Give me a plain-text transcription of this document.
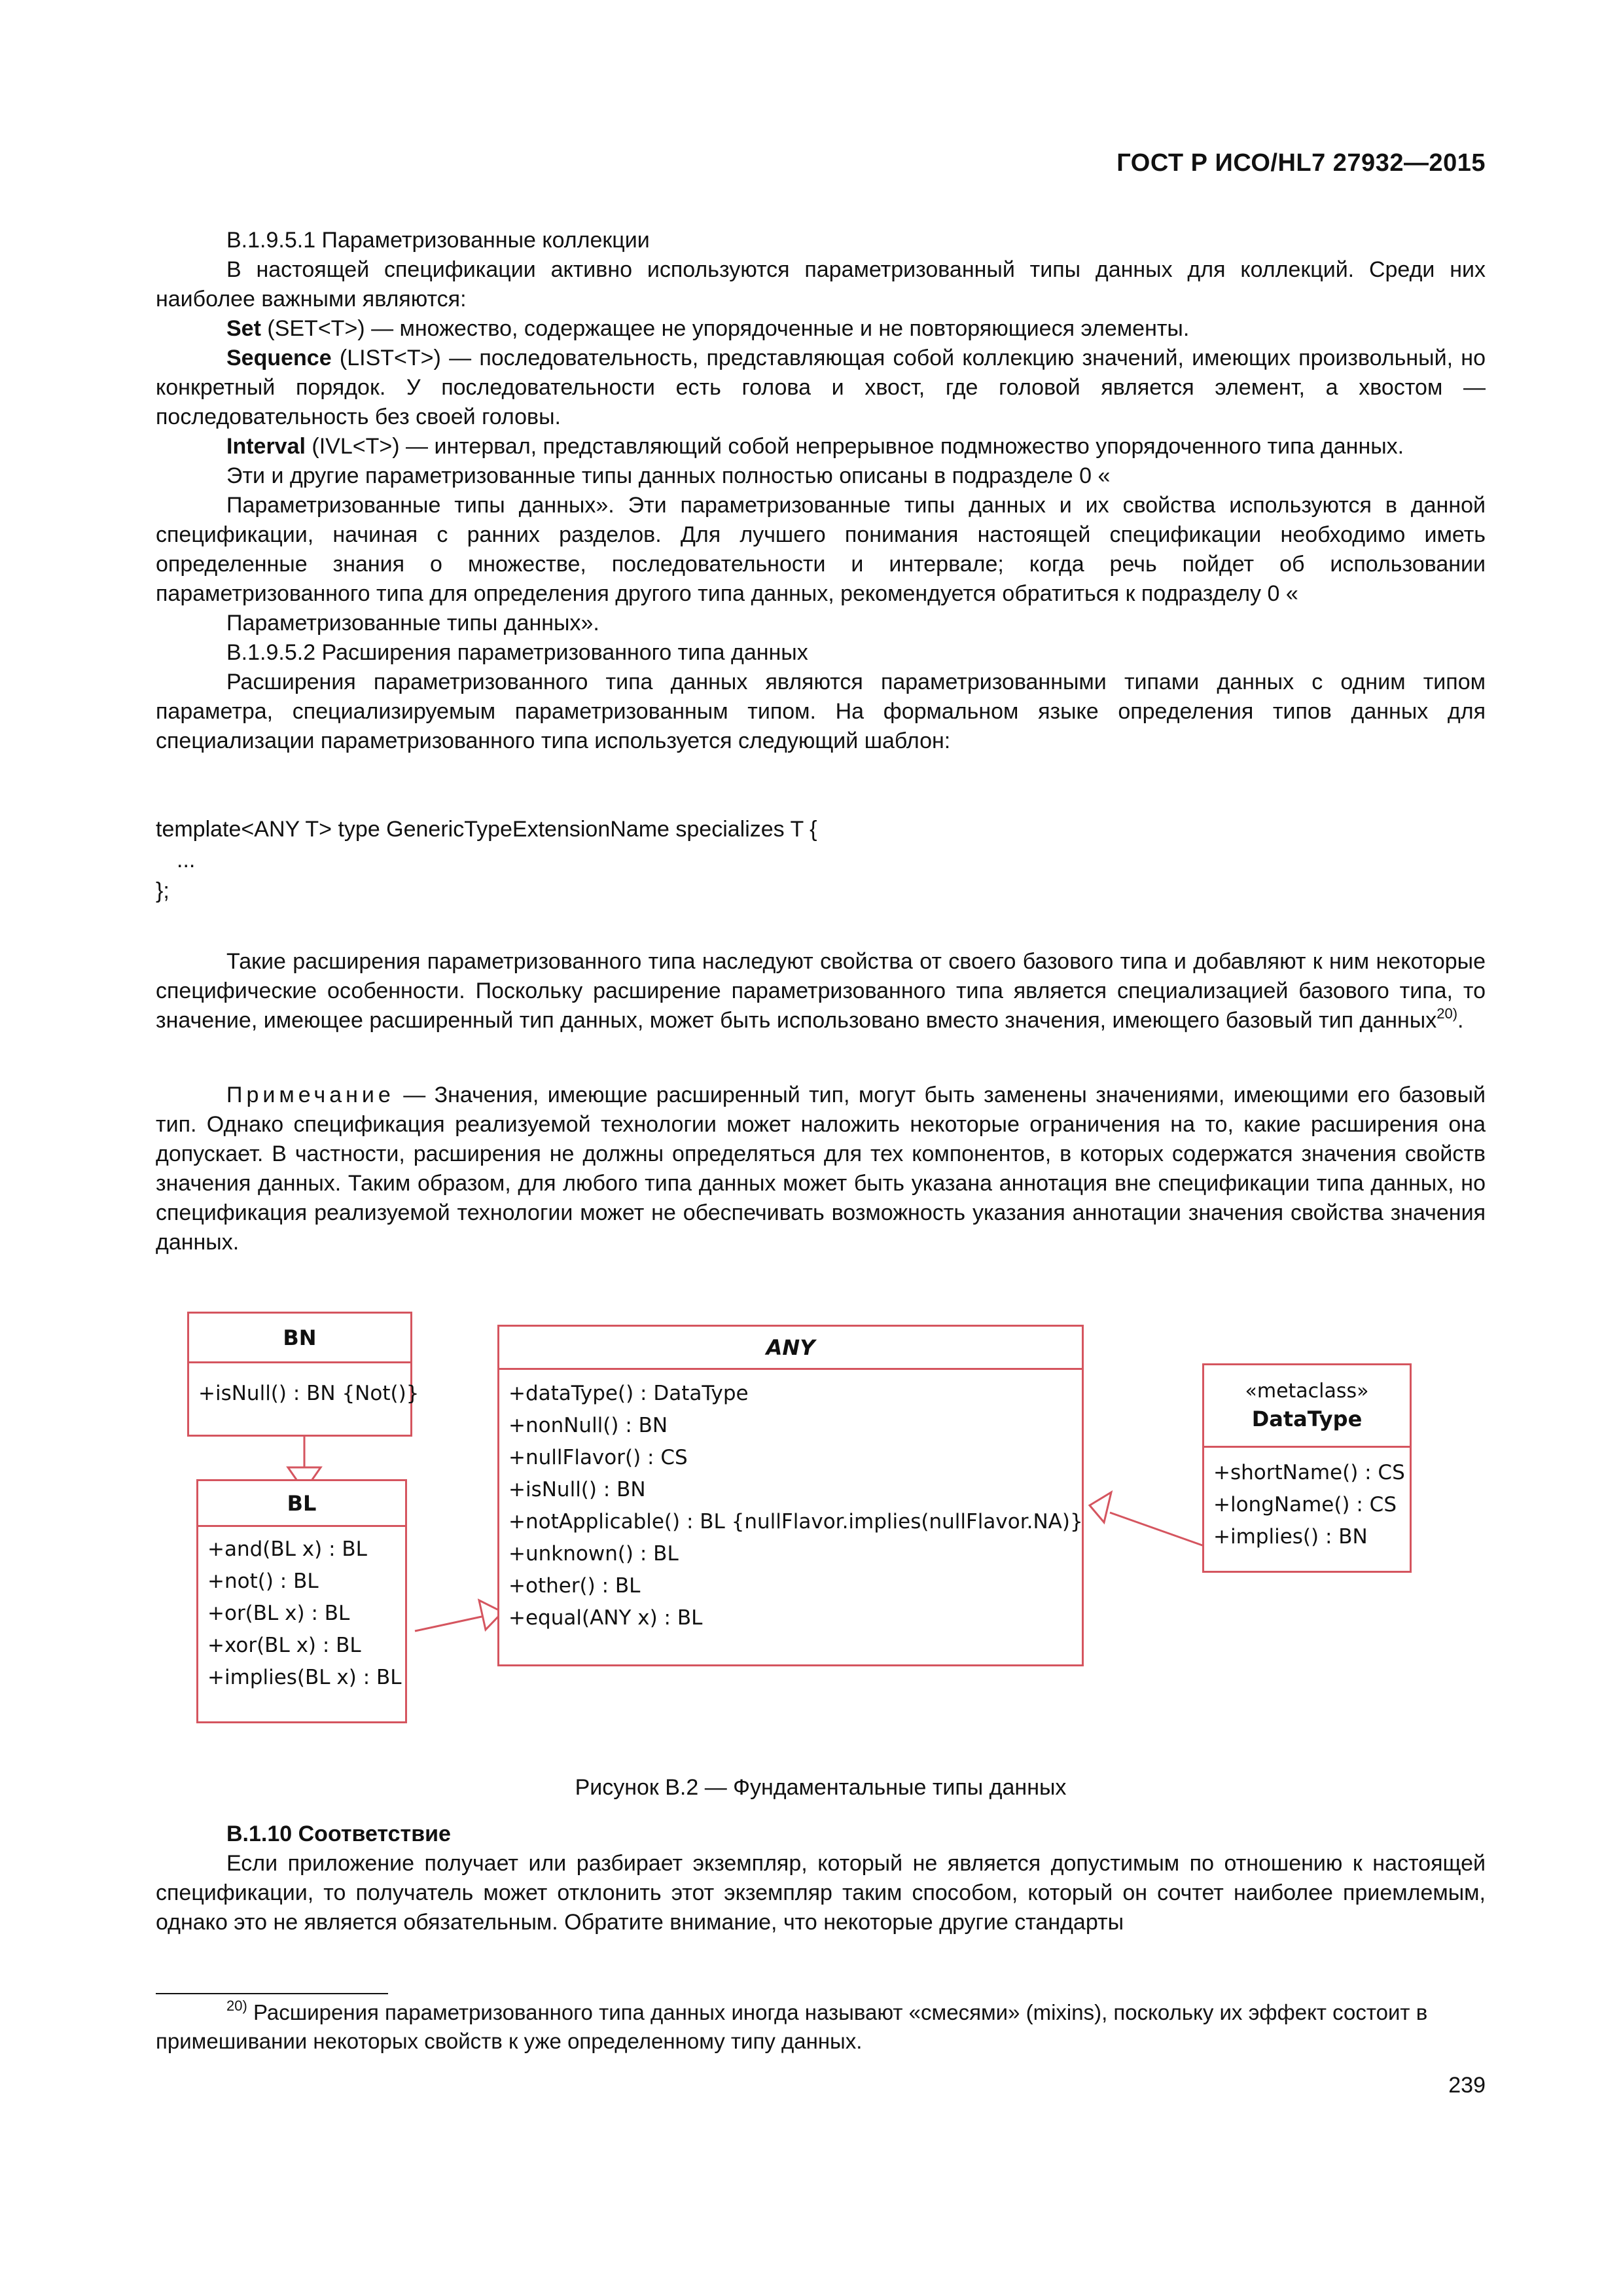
ГОСТ Р ИСО/HL7 27932—2015

B.1.9.5.1 Параметризованные коллекции

В настоящей спецификации активно используются параметризованный типы данных для коллекций. Среди них наиболее важными являются:

Set (SET<T>) — множество, содержащее не упорядоченные и не повторяющиеся элементы.

Sequence (LIST<T>) — последовательность, представляющая собой коллекцию значений, имеющих произвольный, но конкретный порядок. У последовательности есть голова и хвост, где головой является элемент, а хвостом — последовательность без своей головы.

Interval (IVL<T>) — интервал, представляющий собой непрерывное подмножество упорядоченного типа данных.

Эти и другие параметризованные типы данных полностью описаны в подразделе 0 «

Параметризованные типы данных». Эти параметризованные типы данных и их свойства используются в данной спецификации, начиная с ранних разделов. Для лучшего понимания настоящей спецификации необходимо иметь определенные знания о множестве, последовательности и интервале; когда речь пойдет об использовании параметризованного типа для определения другого типа данных, рекомендуется обратиться к подразделу 0 «

Параметризованные типы данных».

B.1.9.5.2 Расширения параметризованного типа данных

Расширения параметризованного типа данных являются параметризованными типами данных с одним типом параметра, специализируемым параметризованным типом. На формальном языке определения типов данных для специализации параметризованного типа используется следующий шаблон:

template<ANY T> type GenericTypeExtensionName specializes T {

...

};

Такие расширения параметризованного типа наследуют свойства от своего базового типа и добавляют к ним некоторые специфические особенности. Поскольку расширение параметризованного типа является специализацией базового типа, то значение, имеющее расширенный тип данных, может быть использовано вместо значения, имеющего базовый тип данных$^{20)}$.

Примечание — Значения, имеющие расширенный тип, могут быть заменены значениями, имеющими его базовый тип. Однако спецификация реализуемой технологии может наложить некоторые ограничения на то, какие расширения она допускает. В частности, расширения не должны определяться для тех компонентов, в которых содержатся значения свойств значения данных. Таким образом, для любого типа данных может быть указана аннотация вне спецификации типа данных, но спецификация реализуемой технологии может не обеспечивать возможность указания аннотации значения свойства значения данных.

BN
+isNull() : BN {Not()}
BL
+and(BL x) : BL
+not() : BL
+or(BL x) : BL
+xor(BL x) : BL
+implies(BL x) : BL
ANY
+dataType() : DataType
+nonNull() : BN
+nullFlavor() : CS
+isNull() : BN
+notApplicable() : BL {nullFlavor.implies(nullFlavor.NA)}
+unknown() : BL
+other() : BL
+equal(ANY x) : BL
«metaclass»
DataType
+shortName() : CS
+longName() : CS
+implies() : BN
Рисунок B.2 — Фундаментальные типы данных

B.1.10 Соответствие

Если приложение получает или разбирает экземпляр, который не является допустимым по отношению к настоящей спецификации, то получатель может отклонить этот экземпляр таким способом, который он сочтет наиболее приемлемым, однако это не является обязательным. Обратите внимание, что некоторые другие стандарты

$^{20)}$ Расширения параметризованного типа данных иногда называют «смесями» (mixins), поскольку их эффект состоит в примешивании некоторых свойств к уже определенному типу данных.
239
